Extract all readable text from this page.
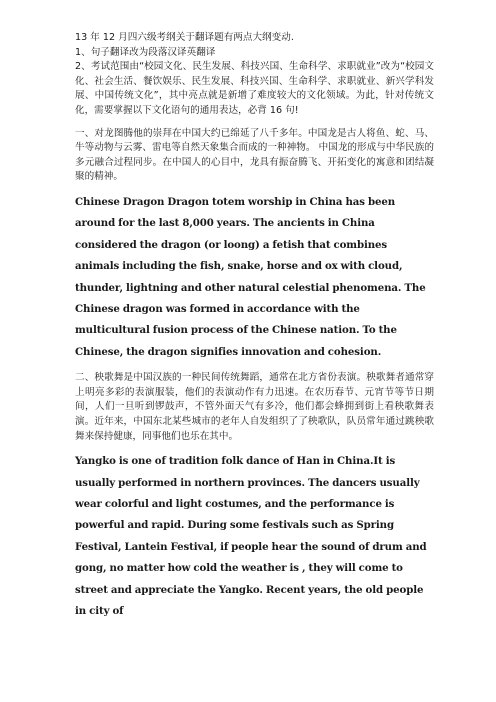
13 年 12 月四六级考纲关于翻译题有两点大纲变动.

1、句子翻译改为段落汉译英翻译

2、考试范围由“校园文化、民生发展、科技兴国、生命科学、求职就业”改为“校园文化、社会生活、餐饮娱乐、民生发展、科技兴国、生命科学、求职就业、新兴学科发展、中国传统文化”，其中亮点就是新增了难度较大的文化领域。为此，针对传统文化，需要掌握以下文化语句的通用表达，必背 16 句!

一、对龙图腾他的崇拜在中国大约已绵延了八千多年。中国龙是古人将鱼、蛇、马、牛等动物与云雾、雷电等自然天象集合而成的一种神物。 中国龙的形成与中华民族的多元融合过程同步。在中国人的心目中，龙具有振奋腾飞、开拓变化的寓意和团结凝聚的精神。

Chinese Dragon Dragon totem worship in China has been around for the last 8,000 years. The ancients in China considered the dragon (or loong) a fetish that combines animals including the fish, snake, horse and ox with cloud, thunder, lightning and other natural celestial phenomena. The Chinese dragon was formed in accordance with the multicultural fusion process of the Chinese nation. To the Chinese, the dragon signifies innovation and cohesion.

二、秧歌舞是中国汉族的一种民间传统舞蹈，通常在北方省份表演。秧歌舞者通常穿上明亮多彩的表演服装，他们的表演动作有力迅速。在农历春节、元宵节等节日期间，人们一旦听到锣鼓声，不管外面天气有多冷，他们都会蜂拥到街上看秧歌舞表演。近年来，中国东北某些城市的老年人自发组织了了秧歌队，队员常年通过跳秧歌舞来保持健康，同事他们也乐在其中。

Yangko is one of tradition folk dance of Han in China.It is usually performed in northern provinces. The dancers usually wear colorful and light costumes, and the performance is powerful and rapid. During some festivals such as Spring Festival, Lantein Festival, if people hear the sound of drum and gong, no matter how cold the weather is , they will come to street and appreciate the Yangko. Recent years, the old people in city of
